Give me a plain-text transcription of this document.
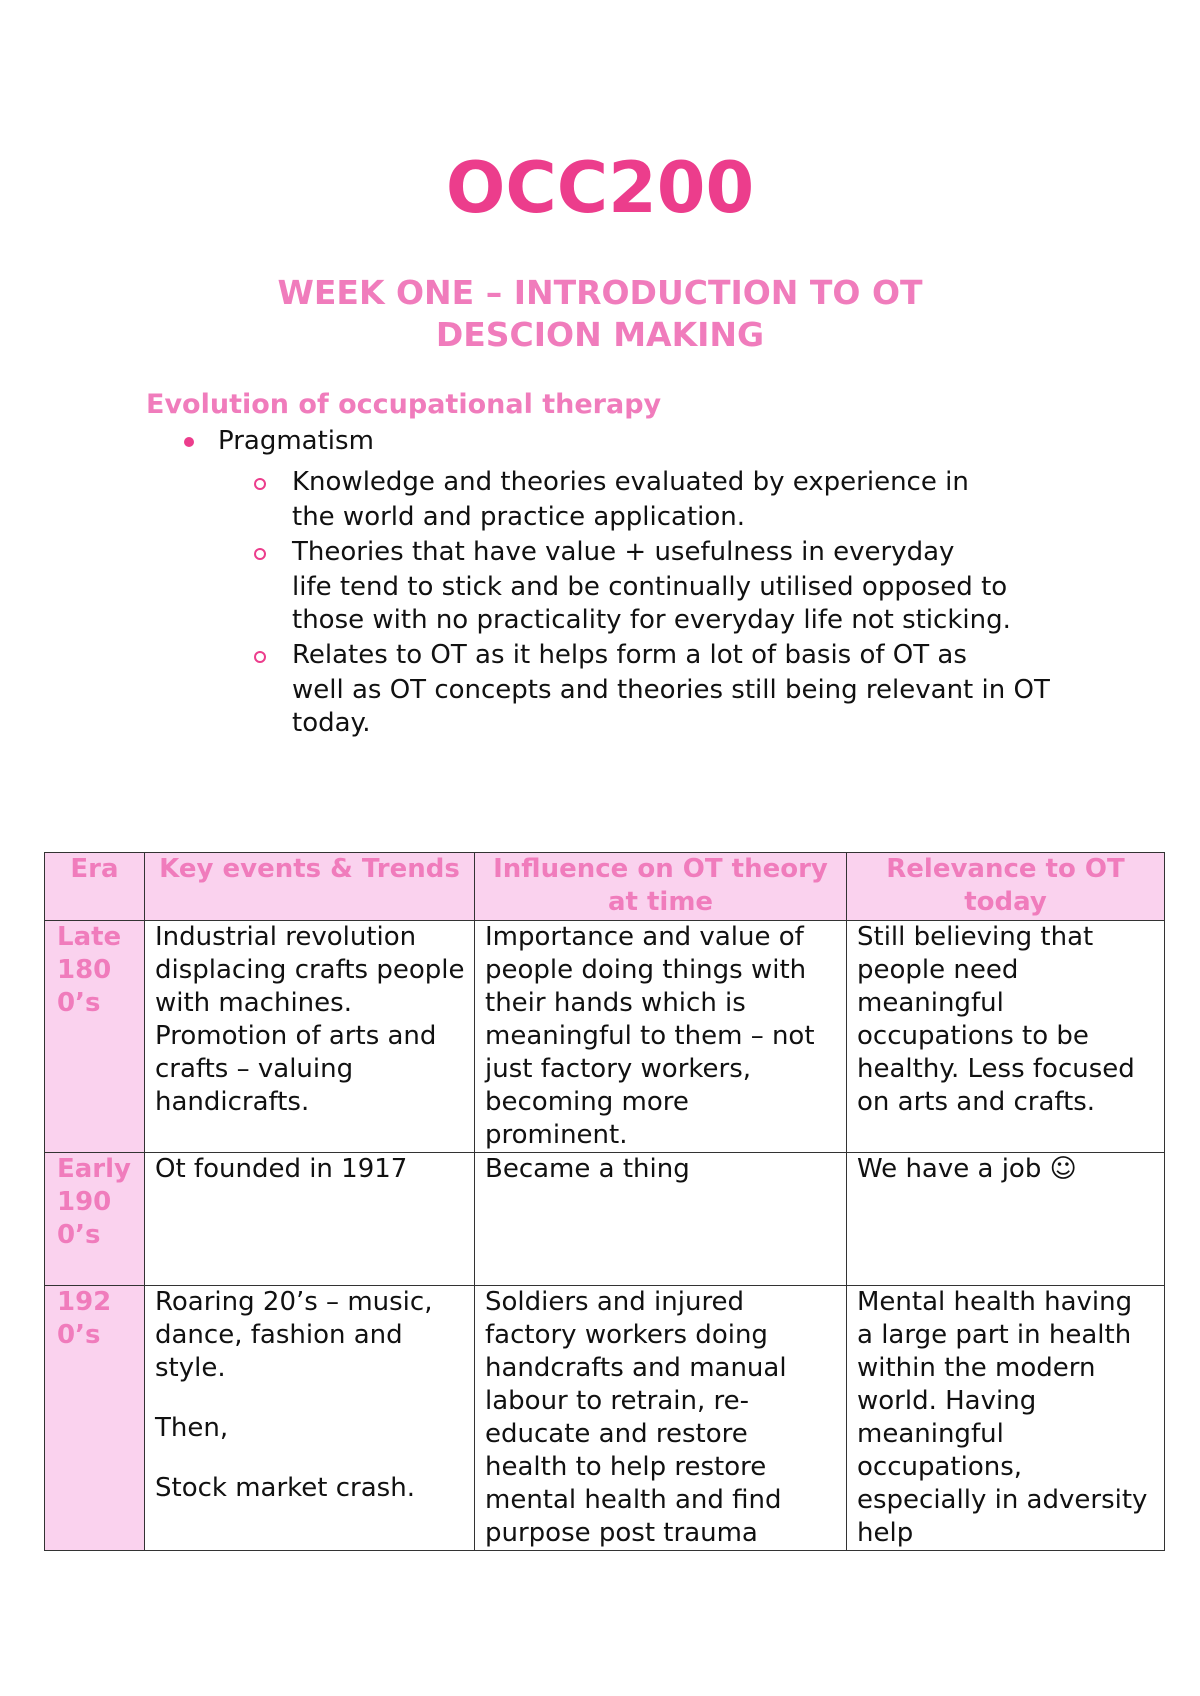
OCC200
WEEK ONE – INTRODUCTION TO OT
DESCION MAKING
Evolution of occupational therapy
Pragmatism
Knowledge and theories evaluated by experience in
the world and practice application.
Theories that have value + usefulness in everyday
life tend to stick and be continually utilised opposed to those with no practicality for everyday life not sticking.
Relates to OT as it helps form a lot of basis of OT as
well as OT concepts and theories still being relevant in OT today.
Era	Key events & Trends	Influence on OT theory at time	Relevance to OT today
Late 1800’s	Industrial revolution displacing crafts people with machines. Promotion of arts and crafts – valuing handicrafts.	Importance and value of people doing things with their hands which is meaningful to them – not just factory workers, becoming more prominent.	Still believing that people need meaningful occupations to be healthy. Less focused on arts and crafts.
Early 1900’s	Ot founded in 1917	Became a thing	We have a job ☺
1920’s	Roaring 20’s – music, dance, fashion and style.
Then,
Stock market crash.	Soldiers and injured factory workers doing handcrafts and manual labour to retrain, re-educate and restore health to help restore mental health and find purpose post trauma	Mental health having a large part in health within the modern world. Having meaningful occupations, especially in adversity help
